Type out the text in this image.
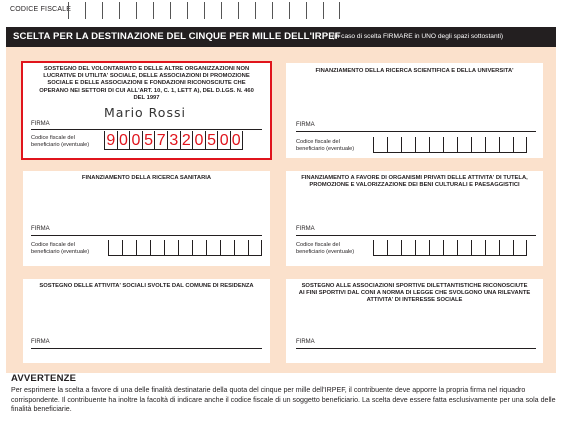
CODICE FISCALE
SCELTA PER LA DESTINAZIONE DEL CINQUE PER MILLE DELL'IRPEF
(in caso di scelta FIRMARE in UNO degli spazi sottostanti)
SOSTEGNO DEL VOLONTARIATO E DELLE ALTRE ORGANIZZAZIONI NON LUCRATIVE DI UTILITA' SOCIALE, DELLE ASSOCIAZIONI DI PROMOZIONE SOCIALE E DELLE ASSOCIAZIONI E FONDAZIONI RICONOSCIUTE CHE OPERANO NEI SETTORI DI CUI ALL'ART. 10, C. 1, LETT A), DEL D.LGS. N. 460 DEL 1997
FIRMA
Mario Rossi
Codice fiscale del beneficiario (eventuale)	9 0 0 5 7 3 2 0 5 0 0
FINANZIAMENTO DELLA RICERCA SCIENTIFICA E DELLA UNIVERSITA'
FIRMA
Codice fiscale del beneficiario (eventuale)
FINANZIAMENTO DELLA RICERCA SANITARIA
FIRMA
Codice fiscale del beneficiario (eventuale)
FINANZIAMENTO A FAVORE DI ORGANISMI PRIVATI DELLE ATTIVITA' DI TUTELA, PROMOZIONE E VALORIZZAZIONE DEI BENI CULTURALI E PAESAGGISTICI
FIRMA
Codice fiscale del beneficiario (eventuale)
SOSTEGNO DELLE ATTIVITA' SOCIALI SVOLTE DAL COMUNE DI RESIDENZA
FIRMA
SOSTEGNO ALLE ASSOCIAZIONI SPORTIVE DILETTANTISTICHE RICONOSCIUTE AI FINI SPORTIVI DAL CONI A NORMA DI LEGGE CHE SVOLGONO UNA RILEVANTE ATTIVITA' DI INTERESSE SOCIALE
FIRMA
AVVERTENZE
Per esprimere la scelta a favore di una delle finalità destinatarie della quota del cinque per mille dell'IRPEF, il contribuente deve apporre la propria firma nel riquadro corrispondente. Il contribuente ha inoltre la facoltà di indicare anche il codice fiscale di un soggetto beneficiario. La scelta deve essere fatta esclusivamente per una sola delle finalità beneficiarie.
